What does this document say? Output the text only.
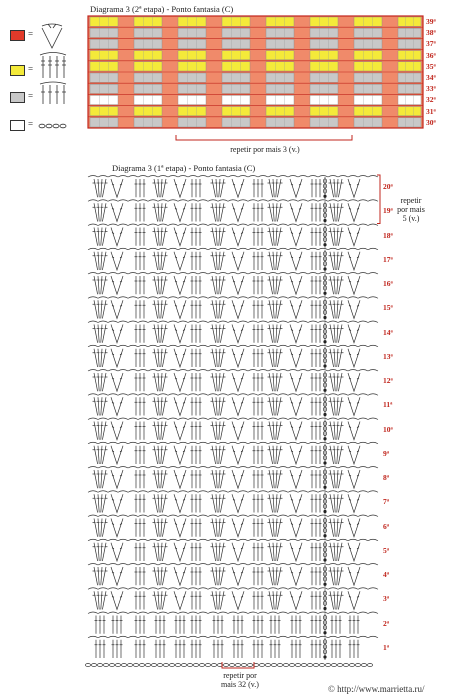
=
=
=
=
Diagrama 3 (2ª etapa) - Ponto fantasia (C)
39ª
38ª
37ª
36ª
35ª
34ª
33ª
32ª
31ª
30ª
repetir por mais 3 (v.)
Diagrama 3 (1ª etapa) - Ponto fantasia (C)
20ª
19ª
18ª
17ª
16ª
15ª
14ª
13ª
12ª
11ª
10ª
9ª
8ª
7ª
6ª
5ª
4ª
3ª
2ª
1ª
repetir
por mais
5 (v.)
repetir por
mais 32 (v.)	© http://www.marrietta.ru/
